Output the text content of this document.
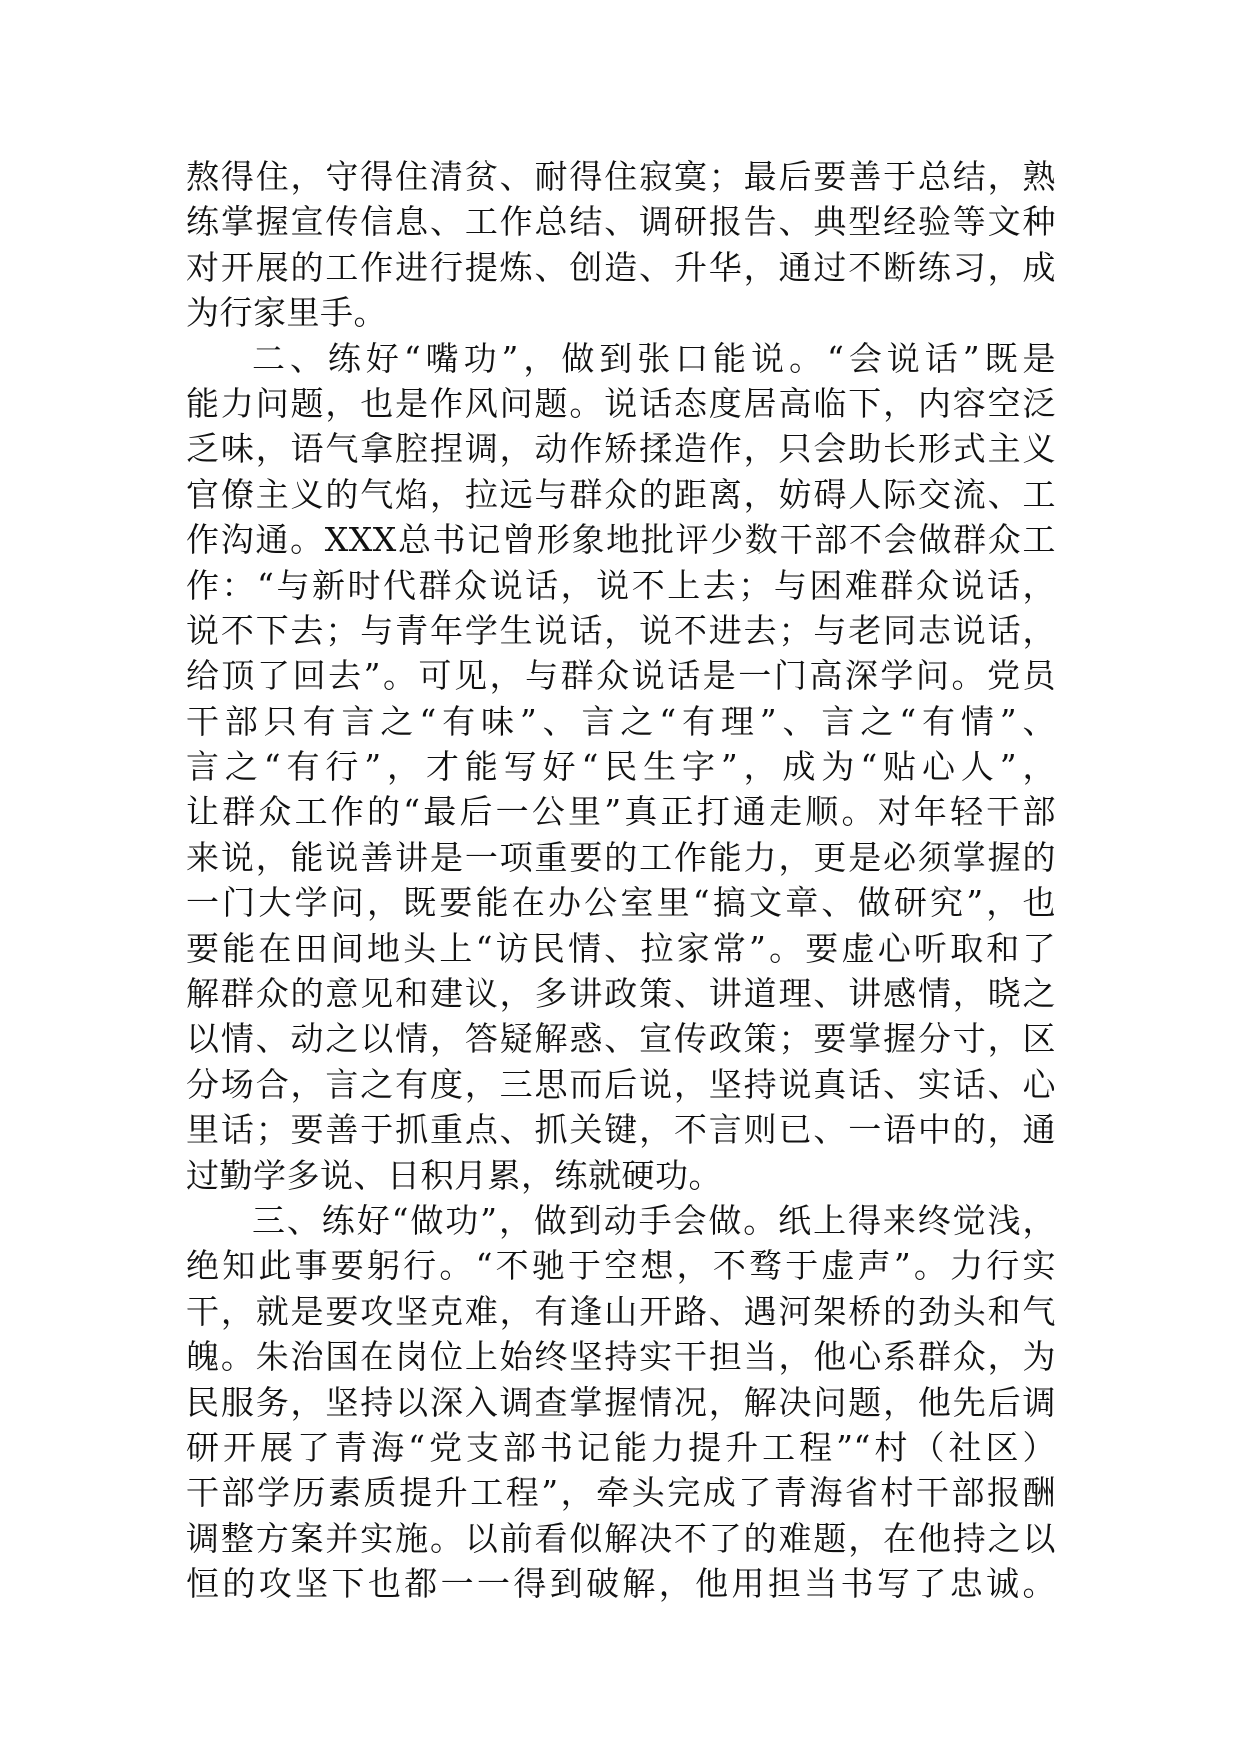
熬得住，守得住清贫、耐得住寂寞；最后要善于总结，熟
练掌握宣传信息、工作总结、调研报告、典型经验等文种
对开展的工作进行提炼、创造、升华，通过不断练习，成
为行家里手。
二、练好“嘴功”，做到张口能说。“会说话”既是
能力问题，也是作风问题。说话态度居高临下，内容空泛
乏味，语气拿腔捏调，动作矫揉造作，只会助长形式主义
官僚主义的气焰，拉远与群众的距离，妨碍人际交流、工
作沟通。XXX总书记曾形象地批评少数干部不会做群众工
作：“与新时代群众说话，说不上去；与困难群众说话，
说不下去；与青年学生说话，说不进去；与老同志说话，
给顶了回去”。可见，与群众说话是一门高深学问。党员
干部只有言之“有味”、言之“有理”、言之“有情”、
言之“有行”，才能写好“民生字”，成为“贴心人”，
让群众工作的“最后一公里”真正打通走顺。对年轻干部
来说，能说善讲是一项重要的工作能力，更是必须掌握的
一门大学问，既要能在办公室里“搞文章、做研究”，也
要能在田间地头上“访民情、拉家常”。要虚心听取和了
解群众的意见和建议，多讲政策、讲道理、讲感情，晓之
以情、动之以情，答疑解惑、宣传政策；要掌握分寸，区
分场合，言之有度，三思而后说，坚持说真话、实话、心
里话；要善于抓重点、抓关键，不言则已、一语中的，通
过勤学多说、日积月累，练就硬功。
三、练好“做功”，做到动手会做。纸上得来终觉浅，
绝知此事要躬行。“不驰于空想，不骛于虚声”。力行实
干，就是要攻坚克难，有逢山开路、遇河架桥的劲头和气
魄。朱治国在岗位上始终坚持实干担当，他心系群众，为
民服务，坚持以深入调查掌握情况，解决问题，他先后调
研开展了青海“党支部书记能力提升工程”“村（社区）
干部学历素质提升工程”，牵头完成了青海省村干部报酬
调整方案并实施。以前看似解决不了的难题，在他持之以
恒的攻坚下也都一一得到破解，他用担当书写了忠诚。
